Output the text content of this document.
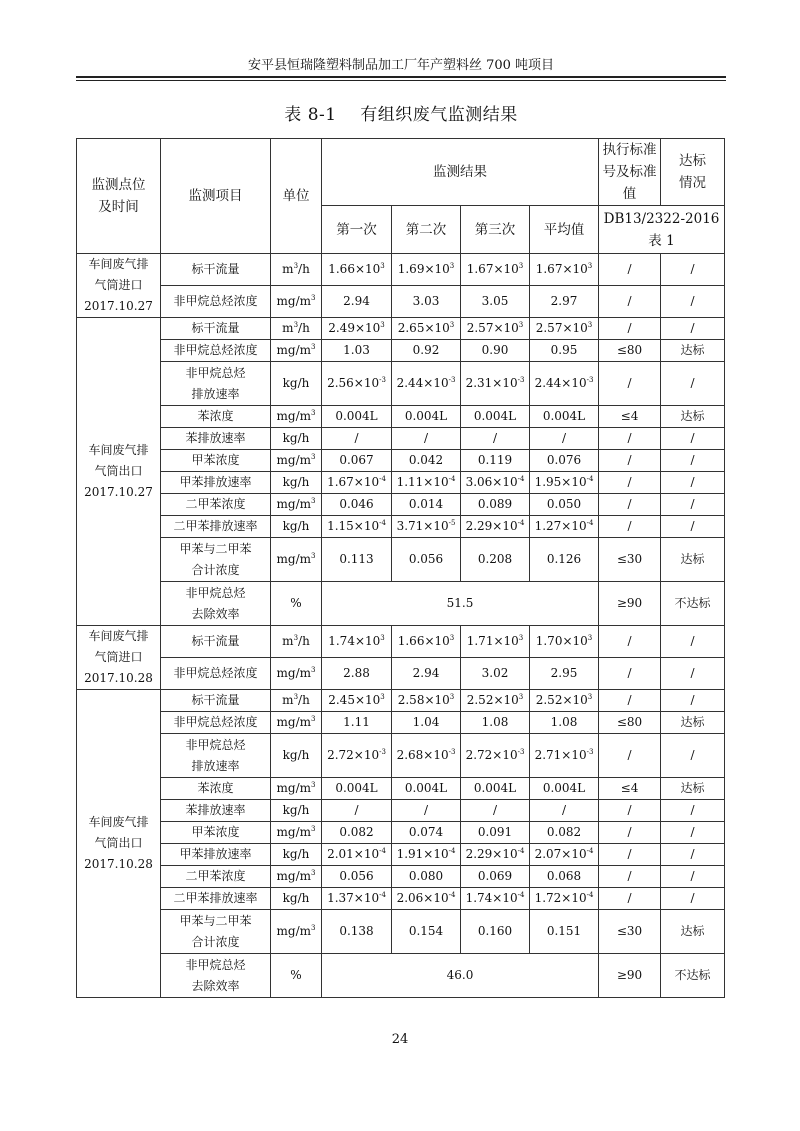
安平县恒瑞隆塑料制品加工厂年产塑料丝 700 吨项目
表 8-1    有组织废气监测结果
监测点位
及时间	监测项目	单位	监测结果				执行标准
号及标准
值	达标
情况
			第一次	第二次	第三次	平均值	DB13/2322-2016
表 1	
车间废气排
气筒进口
2017.10.27	标干流量	$m^3/h$	$1.66\times 10^3$	$1.69\times 10^3$	$1.67\times 10^3$	$1.67\times 10^3$	/	/
	非甲烷总烃浓度	$mg/m^3$	2.94	3.03	3.05	2.97	/	/
车间废气排
气筒出口
2017.10.27	标干流量	$m^3/h$	$2.49\times 10^3$	$2.65\times 10^3$	$2.57\times 10^3$	$2.57\times 10^3$	/	/
	非甲烷总烃浓度	$mg/m^3$	1.03	0.92	0.90	0.95	≤80	达标
	非甲烷总烃
排放速率	kg/h	$2.56\times 10^{-3}$	$2.44\times 10^{-3}$	$2.31\times 10^{-3}$	$2.44\times 10^{-3}$	/	/
	苯浓度	$mg/m^3$	0.004L	0.004L	0.004L	0.004L	≤4	达标
	苯排放速率	kg/h	/	/	/	/	/	/
	甲苯浓度	$mg/m^3$	0.067	0.042	0.119	0.076	/	/
	甲苯排放速率	kg/h	$1.67\times 10^{-4}$	$1.11\times 10^{-4}$	$3.06\times 10^{-4}$	$1.95\times 10^{-4}$	/	/
	二甲苯浓度	$mg/m^3$	0.046	0.014	0.089	0.050	/	/
	二甲苯排放速率	kg/h	$1.15\times 10^{-4}$	$3.71\times 10^{-5}$	$2.29\times 10^{-4}$	$1.27\times 10^{-4}$	/	/
	甲苯与二甲苯
合计浓度	$mg/m^3$	0.113	0.056	0.208	0.126	≤30	达标
	非甲烷总烃
去除效率	%	51.5				≥90	不达标
车间废气排
气筒进口
2017.10.28	标干流量	$m^3/h$	$1.74\times 10^3$	$1.66\times 10^3$	$1.71\times 10^3$	$1.70\times 10^3$	/	/
	非甲烷总烃浓度	$mg/m^3$	2.88	2.94	3.02	2.95	/	/
车间废气排
气筒出口
2017.10.28	标干流量	$m^3/h$	$2.45\times 10^3$	$2.58\times 10^3$	$2.52\times 10^3$	$2.52\times 10^3$	/	/
	非甲烷总烃浓度	$mg/m^3$	1.11	1.04	1.08	1.08	≤80	达标
	非甲烷总烃
排放速率	kg/h	$2.72\times 10^{-3}$	$2.68\times 10^{-3}$	$2.72\times 10^{-3}$	$2.71\times 10^{-3}$	/	/
	苯浓度	$mg/m^3$	0.004L	0.004L	0.004L	0.004L	≤4	达标
	苯排放速率	kg/h	/	/	/	/	/	/
	甲苯浓度	$mg/m^3$	0.082	0.074	0.091	0.082	/	/
	甲苯排放速率	kg/h	$2.01\times 10^{-4}$	$1.91\times 10^{-4}$	$2.29\times 10^{-4}$	$2.07\times 10^{-4}$	/	/
	二甲苯浓度	$mg/m^3$	0.056	0.080	0.069	0.068	/	/
	二甲苯排放速率	kg/h	$1.37\times 10^{-4}$	$2.06\times 10^{-4}$	$1.74\times 10^{-4}$	$1.72\times 10^{-4}$	/	/
	甲苯与二甲苯
合计浓度	$mg/m^3$	0.138	0.154	0.160	0.151	≤30	达标
	非甲烷总烃
去除效率	%	46.0				≥90	不达标
24
